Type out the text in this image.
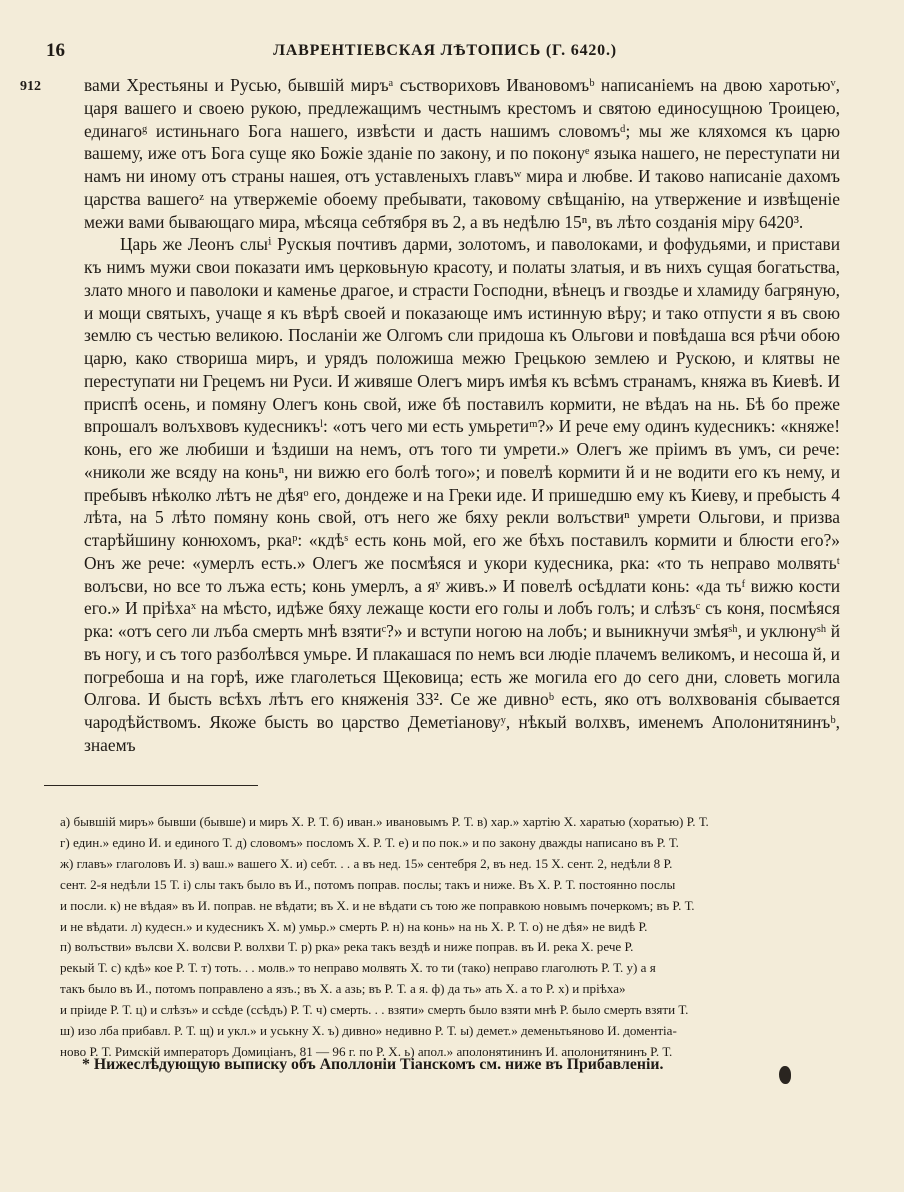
16	ЛАВРЕНТІЕВСКАЯ ЛѢТОПИСЬ (Г. 6420.)
912 вами Хрестьяны и Русью, бывшій миръᵃ съствориховъ Ивановомъᵇ написаніемъ на двою харотьюᵛ, царя вашего и своею рукою, предлежащимъ честнымъ крестомъ и святою единосущною Троицею, единагоᵍ истиньнаго Бога нашего, извѣсти и дасть нашимъ словомъᵈ; мы же кляхомся къ царю вашему, иже отъ Бога суще яко Божіе зданіе по закону, и по поконуᵉ языка нашего, не переступати ни намъ ни иному отъ страны нашея, отъ уставленыхъ главъʷ мира и любве. И таково написаніе дахомъ царства вашегоᶻ на утвержеміе обоему пребывати, таковому свѣщанію, на утвержение и извѣщеніе межи вами бывающаго мира, мѣсяца себтября въ 2, а въ недѣлю 15ⁿ, въ лѣто созданія міру 6420³.

Царь же Леонъ слыⁱ Рускыя почтивъ дарми, золотомъ, и паволоками, и фофудьями, и пристави къ нимъ мужи свои показати имъ церковьную красоту, и полаты златыя, и въ нихъ сущая богатьства, злато много и паволоки и каменье драгое, и страсти Господни, вѣнецъ и гвоздье и хламиду багряную, и мощи святыхъ, учаще я къ вѣрѣ своей и показающе имъ истинную вѣру; и тако отпусти я въ свою землю съ честью великою. Посланіи же Олгомъ сли придоша къ Ольгови и повѣдаша вся рѣчи обою царю, како створиша миръ, и урядъ положиша межю Грецькою землею и Рускою, и клятвы не переступати ни Грецемъ ни Руси. И живяше Олегъ миръ имѣя къ всѣмъ странамъ, княжа въ Киевѣ. И приспѣ осень, и помяну Олегъ конь свой, иже бѣ поставилъ кормити, не вѣдаъ на нь. Бѣ бо преже впрошалъ волъхвовъ кудесникъˡ: «отъ чего ми есть умьретиᵐ?» И рече ему одинъ кудесникъ: «княже! конь, его же любиши и ѣздиши на немъ, отъ того ти умрети.» Олегъ же пріимъ въ умъ, си рече: «николи же всяду на коньⁿ, ни вижю его болѣ того»; и повелѣ кормити й и не водити его къ нему, и пребывъ нѣколко лѣтъ не дѣяᵒ его, дондеже и на Греки иде. И пришедшю ему къ Киеву, и пребысть 4 лѣта, на 5 лѣто помяну конь свой, отъ него же бяху рекли волъствиⁿ умрети Ольгови, и призва старѣйшину конюхомъ, ркаᵖ: «кдѣˢ есть конь мой, его же бѣхъ поставилъ кормити и блюсти его?» Онъ же рече: «умерлъ есть.» Олегъ же посмѣяся и укори кудесника, рка: «то ть неправо молвятьᵗ волъсви, но все то лъжа есть; конь умерлъ, а яʸ живъ.» И повелѣ осѣдлати конь: «да тьᶠ вижю кости его.» И пріѣхаˣ на мѣсто, идѣже бяху лежаще кости его голы и лобъ голъ; и слѣзъᶜ съ коня, посмѣяся рка: «отъ сего ли лъба смерть мнѣ взятиᶜ?» и вступи ногою на лобъ; и выникнучи змѣяˢʰ, и уклюнуˢʰ й въ ногу, и съ того разболѣвся умьре. И плакашася по немъ вси людіе плачемъ великомъ, и несоша й, и погребоша и на горѣ, иже глаголеться Щековица; есть же могила его до сего дни, словеть могила Олгова. И бысть всѣхъ лѣтъ его княженія 33². Се же дивноᵇ есть, яко отъ волхвованія сбывается чародѣйствомъ. Якоже бысть во царство Деметіановуʸ, нѣкый волхвъ, именемъ Аполонитянинъᵇ, знаемъ

а) бывшій миръ» бывши (бывше) и миръ Х. Р. Т. б) иван.» ивановымъ Р. Т. в) хар.» хартію Х. харатью (хоратью) Р. Т.

г) един.» едино И. и единого Т. д) словомъ» посломъ Х. Р. Т. е) и по пок.» и по закону дважды написано въ Р. Т.

ж) главъ» глаголовъ И. з) ваш.» вашего Х. и) себт. . . а въ нед. 15» сентебря 2, въ нед. 15 Х. сент. 2, недѣли 8 Р.

сент. 2-я недѣли 15 Т. і) слы такъ было въ И., потомъ поправ. послы; такъ и ниже. Въ Х. Р. Т. постоянно послы

и посли. к) не вѣдая» въ И. поправ. не вѣдати; въ Х. и не вѣдати съ тою же поправкою новымъ почеркомъ; въ Р. Т.

и не вѣдати. л) кудесн.» и кудесникъ Х. м) умьр.» смерть Р. н) на конь» на нь Х. Р. Т. о) не дѣя» не видѣ Р.

п) волъстви» вълсви Х. волсви Р. волхви Т. р) рка» река такъ вездѣ и ниже поправ. въ И. река Х. рече Р.

рекый Т. с) кдѣ» кое Р. Т. т) тоть. . . молв.» то неправо молвять Х. то ти (тако) неправо глаголють Р. Т. у) а я

такъ было въ И., потомъ поправлено а язъ.; въ Х. а азь; въ Р. Т. а я. ф) да ть» ать Х. а то Р. х) и пріѣха»

и пріиде Р. Т. ц) и слѣзъ» и ссѣде (ссѣдъ) Р. Т. ч) смерть. . . взяти» смерть было взяти мнѣ Р. было смерть взяти Т.

ш) изо лба прибавл. Р. Т. щ) и укл.» и уськну Х. ъ) дивно» недивно Р. Т. ы) демет.» деменьтьяново И. доментіа-

ново Р. Т. Римскій императоръ Домиціанъ, 81 — 96 г. по Р. Х. ь) апол.» аполонятининъ И. аполонитянинъ Р. Т.

* Нижеслѣдующую выписку объ Аполлоніи Тіанскомъ см. ниже въ Прибавленіи.
